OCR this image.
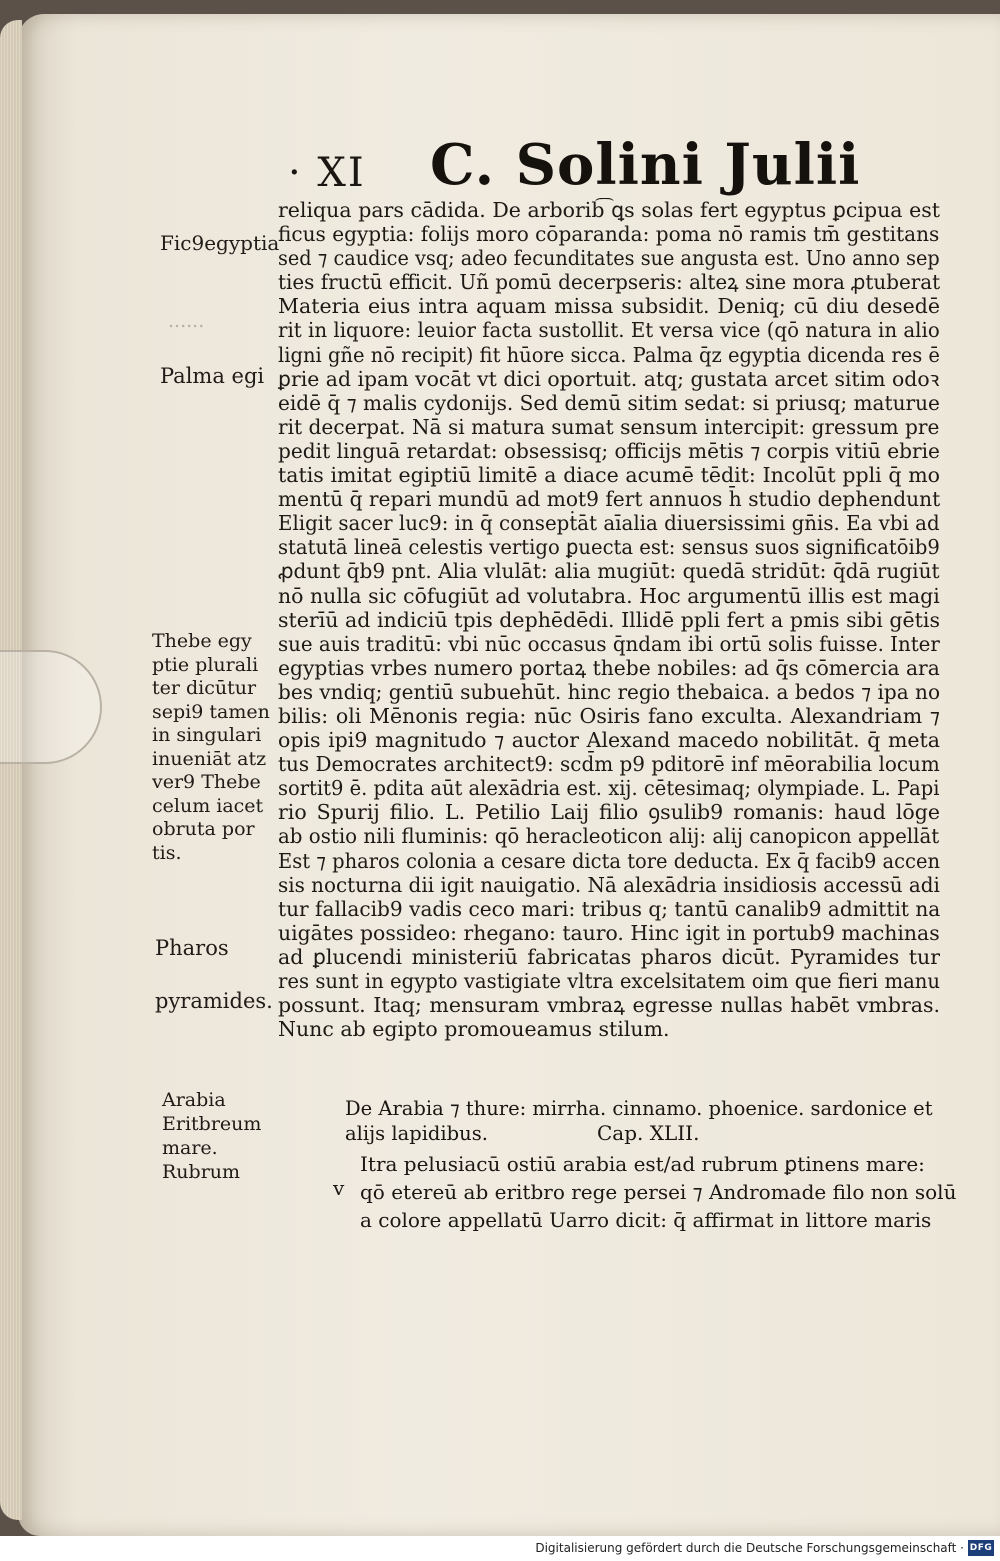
· XI C. Solini Julii
reliqua pars cādida. De arborib͡ ꝗs solas fert egyptus ꝑcipua est
ficus egyptia: folijs moro cōparanda: poma nō ramis tm̄ gestitans
sed ⁊ caudice vsq; adeo fecunditates sue angusta est. Uno anno sep
ties fructū efficit. Uñ pomū decerpseris: alteꝝ sine mora ꝓtuberat
Materia eius intra aquam missa subsidit. Deniq; cū diu desedē
rit in liquore: leuior facta sustollit. Et versa vice (qō natura in alio
ligni gñe nō recipit) fit hūore sicca. Palma q̄z egyptia dicenda res ē
ꝑrie ad ipam vocāt vt dici oportuit. atq; gustata arcet sitim odoꝛ
eidē q̄ ⁊ malis cydonijs. Sed demū sitim sedat: si priusq; maturue
rit decerpat. Nā si matura sumat sensum intercipit: gressum pre
pedit linguā retardat: obsessisq; officijs mētis ⁊ corpis vitiū ebrie
tatis imitat egiptiū limitē a diace acumē tēdit: Incolūt ppli q̄ mo
mentū q̄ repari mundū ad mot9 fert annuos h̄ studio dephendunt
Eligit sacer luc9: in q̄ consepṫāt aīalia diuersissimi gn̄is. Ea vbi ad
statutā lineā celestis vertigo ꝑuecta est: sensus suos significatōib9
ꝓdunt q̄b9 pnt. Alia vlulāt: alia mugiūt: quedā stridūt: q̄dā rugiūt
nō nulla sic cōfugiūt ad volutabra. Hoc argumentū illis est magi
sterīū ad indiciū tpis dephēdēdi. Illidē ppli fert a pmis sibi gētis
sue auis traditū: vbi nūc occasus q̄ndam ibi ortū solis fuisse. Inter
egyptias vrbes numero portaꝝ thebe nobiles: ad q̄s cōmercia ara
bes vndiq; gentiū subuehūt. hinc regio thebaica. a bedos ⁊ ipa no
bilis: oli Mēnonis regia: nūc Osiris fano exculta. Alexandriam ⁊
opis ipi9 magnitudo ⁊ auctor Alexand macedo nobilitāt. q̄ meta
tus Democrates architect9: scd̄m p9 pditorē inf mēorabilia locum
sortit9 ē. pdita aūt alexādria est. xij. cētesimaq; olympiade. L. Papi
rio Spurij filio. L. Petilio Laij filio ꝯsulib9 romanis: haud lōge
ab ostio nili fluminis: qō heracleoticon alij: alij canopicon appellāt
Est ⁊ pharos colonia a cesare dicta tore deducta. Ex q̄ facib9 accen
sis nocturna dii igit nauigatio. Nā alexādria insidiosis accessū adi
tur fallacib9 vadis ceco mari: tribus q; tantū canalib9 admittit na
uigātes possideo: rhegano: tauro. Hinc igit in portub9 machinas
ad ꝑlucendi ministeriū fabricatas pharos dicūt. Pyramides tur
res sunt in egypto vastigiate vltra excelsitatem oim que fieri manu
possunt. Itaq; mensuram vmbraꝝ egresse nullas habēt vmbras.
Nunc ab egipto promoueamus stilum.
De Arabia ⁊ thure: mirrha. cinnamo. phoenice. sardonice et
alijs lapidibus.	Cap. XLII.
v
Itra pelusiacū ostiū arabia est/ad rubrum ꝑtinens mare:
qō etereū ab eritbro rege persei ⁊ Andromade filo non solū
a colore appellatū Uarro dicit: q̄ affirmat in littore maris
Fic9egyptia
......
Palma egi
Thebe egy
ptie plurali
ter dicūtur
sepi9 tamen
in singulari
inueniāt atz
ver9 Thebe
celum iacet
obruta por
tis.
Pharos
pyramides.
Arabia
Eritbreum
mare.
Rubrum
Digitalisierung gefördert durch die Deutsche Forschungsgemeinschaft · DFG
